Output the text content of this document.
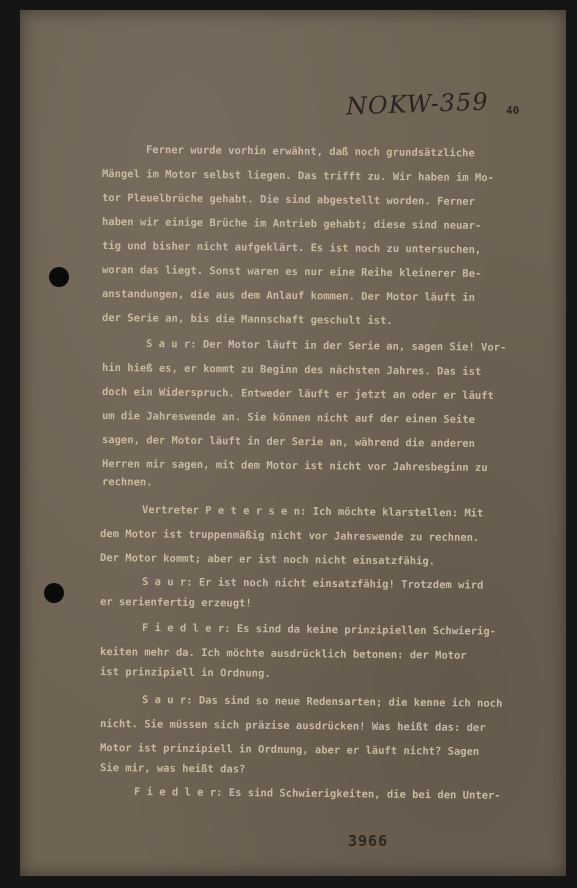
NOKW-359 40
Ferner wurde vorhin erwähnt, daß noch grundsätzliche
Mängel im Motor selbst liegen. Das trifft zu. Wir haben im Mo-
tor Pleuelbrüche gehabt. Die sind abgestellt worden. Ferner
haben wir einige Brüche im Antrieb gehabt; diese sind neuar-
tig und bisher nicht aufgeklärt. Es ist noch zu untersuchen,
woran das liegt. Sonst waren es nur eine Reihe kleinerer Be-
anstandungen, die aus dem Anlauf kommen. Der Motor läuft in
der Serie an, bis die Mannschaft geschult ist.
S a u r: Der Motor läuft in der Serie an, sagen Sie! Vor-
hin hieß es, er kommt zu Beginn des nächsten Jahres. Das ist
doch ein Widerspruch. Entweder läuft er jetzt an oder er läuft
um die Jahreswende an. Sie können nicht auf der einen Seite
sagen, der Motor läuft in der Serie an, während die anderen
Herren mir sagen, mit dem Motor ist nicht vor Jahresbeginn zu
rechnen.
Vertreter P e t e r s e n: Ich möchte klarstellen: Mit
dem Motor ist truppenmäßig nicht vor Jahreswende zu rechnen.
Der Motor kommt; aber er ist noch nicht einsatzfähig.
S a u r: Er ist noch nicht einsatzfähig! Trotzdem wird
er serienfertig erzeugt!
F i e d l e r: Es sind da keine prinzipiellen Schwierig-
keiten mehr da. Ich möchte ausdrücklich betonen: der Motor
ist prinzipiell in Ordnung.
S a u r: Das sind so neue Redensarten; die kenne ich noch
nicht. Sie müssen sich präzise ausdrücken! Was heißt das: der
Motor ist prinzipiell in Ordnung, aber er läuft nicht? Sagen
Sie mir, was heißt das?
F i e d l e r: Es sind Schwierigkeiten, die bei den Unter-
3966
